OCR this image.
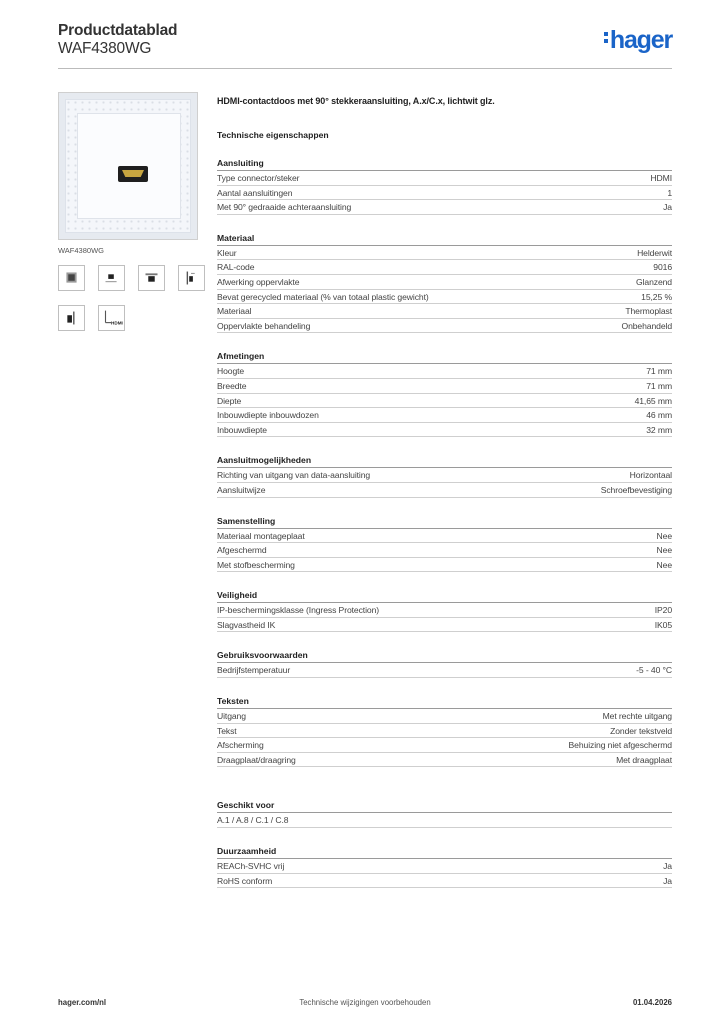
Productdatablad
WAF4380WG	hager
WAF4380WG
HDMI
HDMI-contactdoos met 90° stekkeraansluiting, A.x/C.x, lichtwit glz.
Technische eigenschappen
Aansluiting
Type connector/steker	HDMI
Aantal aansluitingen	1
Met 90° gedraaide achteraansluiting	Ja
Materiaal
Kleur	Helderwit
RAL-code	9016
Afwerking oppervlakte	Glanzend
Bevat gerecycled materiaal (% van totaal plastic gewicht)	15,25 %
Materiaal	Thermoplast
Oppervlakte behandeling	Onbehandeld
Afmetingen
Hoogte	71 mm
Breedte	71 mm
Diepte	41,65 mm
Inbouwdiepte inbouwdozen	46 mm
Inbouwdiepte	32 mm
Aansluitmogelijkheden
Richting van uitgang van data-aansluiting	Horizontaal
Aansluitwijze	Schroefbevestiging
Samenstelling
Materiaal montageplaat	Nee
Afgeschermd	Nee
Met stofbescherming	Nee
Veiligheid
IP-beschermingsklasse (Ingress Protection)	IP20
Slagvastheid IK	IK05
Gebruiksvoorwaarden
Bedrijfstemperatuur	-5 - 40 °C
Teksten
Uitgang	Met rechte uitgang
Tekst	Zonder tekstveld
Afscherming	Behuizing niet afgeschermd
Draagplaat/draagring	Met draagplaat
Geschikt voor
A.1 / A.8 / C.1 / C.8
Duurzaamheid
REACh-SVHC vrij	Ja
RoHS conform	Ja
Technische wijzigingen voorbehouden
hager.com/nl	01.04.2026
